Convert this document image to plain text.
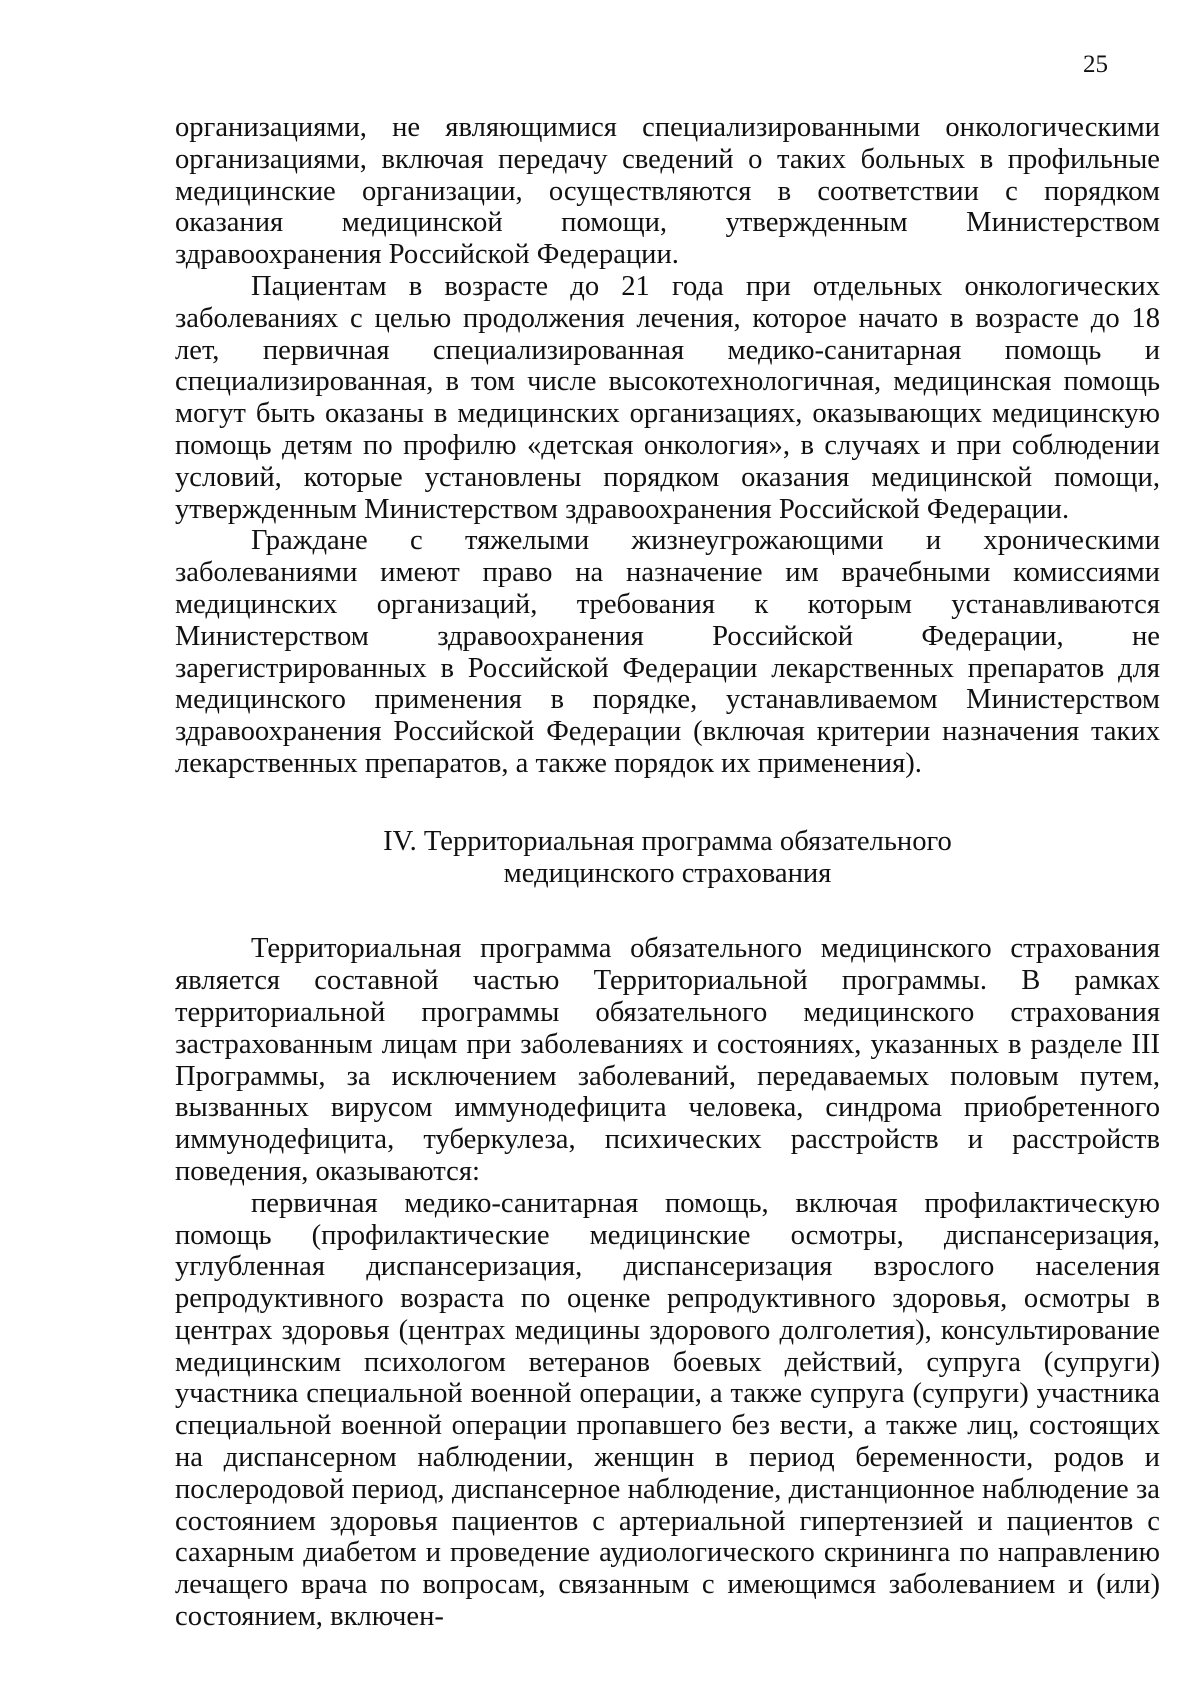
25

организациями, не являющимися специализированными онкологическими организациями, включая передачу сведений о таких больных в профильные медицинские организации, осуществляются в соответствии с порядком оказания медицинской помощи, утвержденным Министерством здравоохранения Российской Федерации.

Пациентам в возрасте до 21 года при отдельных онкологических заболеваниях с целью продолжения лечения, которое начато в возрасте до 18 лет, первичная специализированная медико-санитарная помощь и специализированная, в том числе высокотехнологичная, медицинская помощь могут быть оказаны в медицинских организациях, оказывающих медицинскую помощь детям по профилю «детская онкология», в случаях и при соблюдении условий, которые установлены порядком оказания медицинской помощи, утвержденным Министерством здравоохранения Российской Федерации.

Граждане с тяжелыми жизнеугрожающими и хроническими заболеваниями имеют право на назначение им врачебными комиссиями медицинских организаций, требования к которым устанавливаются Министерством здравоохранения Российской Федерации, не зарегистрированных в Российской Федерации лекарственных препаратов для медицинского применения в порядке, устанавливаемом Министерством здравоохранения Российской Федерации (включая критерии назначения таких лекарственных препаратов, а также порядок их применения).

IV. Территориальная программа обязательного
медицинского страхования

Территориальная программа обязательного медицинского страхования является составной частью Территориальной программы. В рамках территориальной программы обязательного медицинского страхования застрахованным лицам при заболеваниях и состояниях, указанных в разделе III Программы, за исключением заболеваний, передаваемых половым путем, вызванных вирусом иммунодефицита человека, синдрома приобретенного иммунодефицита, туберкулеза, психических расстройств и расстройств поведения, оказываются:

первичная медико-санитарная помощь, включая профилактическую помощь (профилактические медицинские осмотры, диспансеризация, углубленная диспансеризация, диспансеризация взрослого населения репродуктивного возраста по оценке репродуктивного здоровья, осмотры в центрах здоровья (центрах медицины здорового долголетия), консультирование медицинским психологом ветеранов боевых действий, супруга (супруги) участника специальной военной операции, а также супруга (супруги) участника специальной военной операции пропавшего без вести, а также лиц, состоящих на диспансерном наблюдении, женщин в период беременности, родов и послеродовой период, диспансерное наблюдение, дистанционное наблюдение за состоянием здоровья пациентов с артериальной гипертензией и пациентов с сахарным диабетом и проведение аудиологического скрининга по направлению лечащего врача по вопросам, связанным с имеющимся заболеванием и (или) состоянием, включен-
